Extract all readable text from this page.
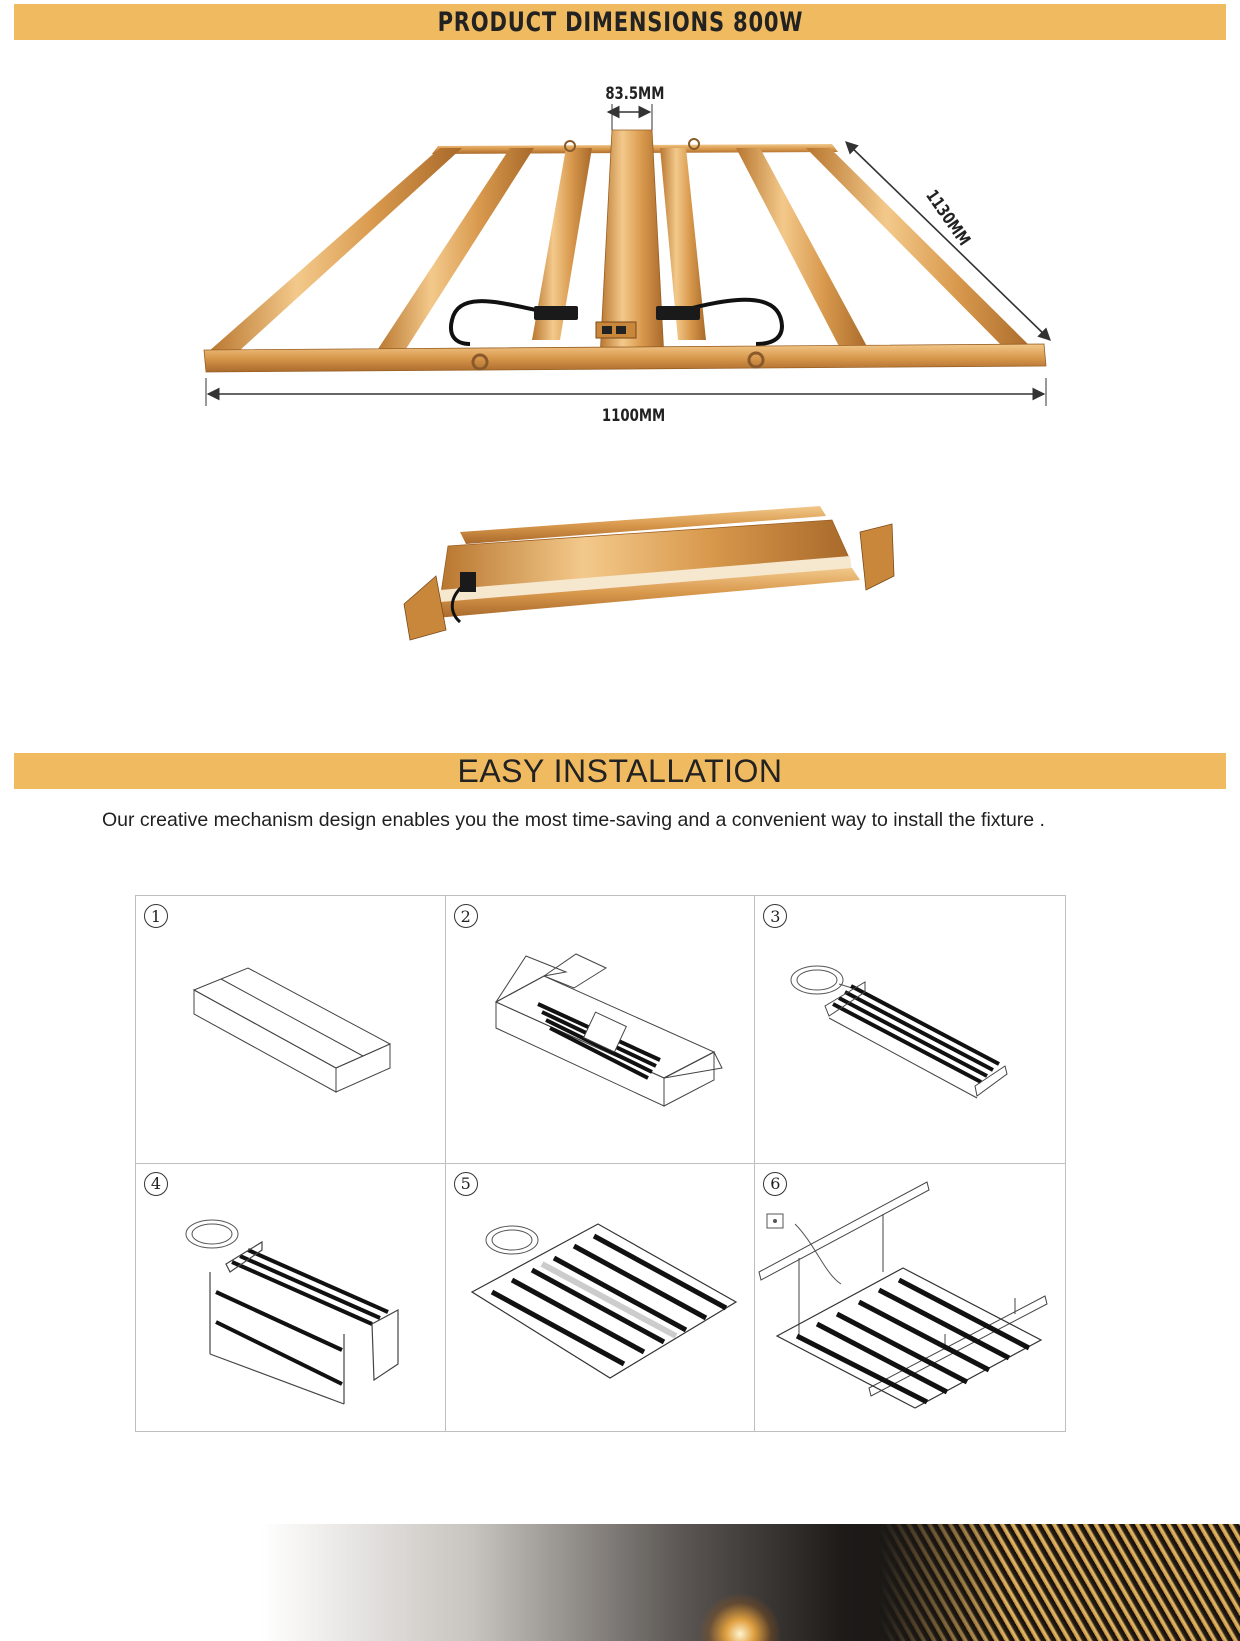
PRODUCT DIMENSIONS 800W
83.5MM
1130MM
1100MM
EASY INSTALLATION
Our creative mechanism design enables you the most time-saving and a convenient way to install the fixture .
1	2	3
4	5	6
